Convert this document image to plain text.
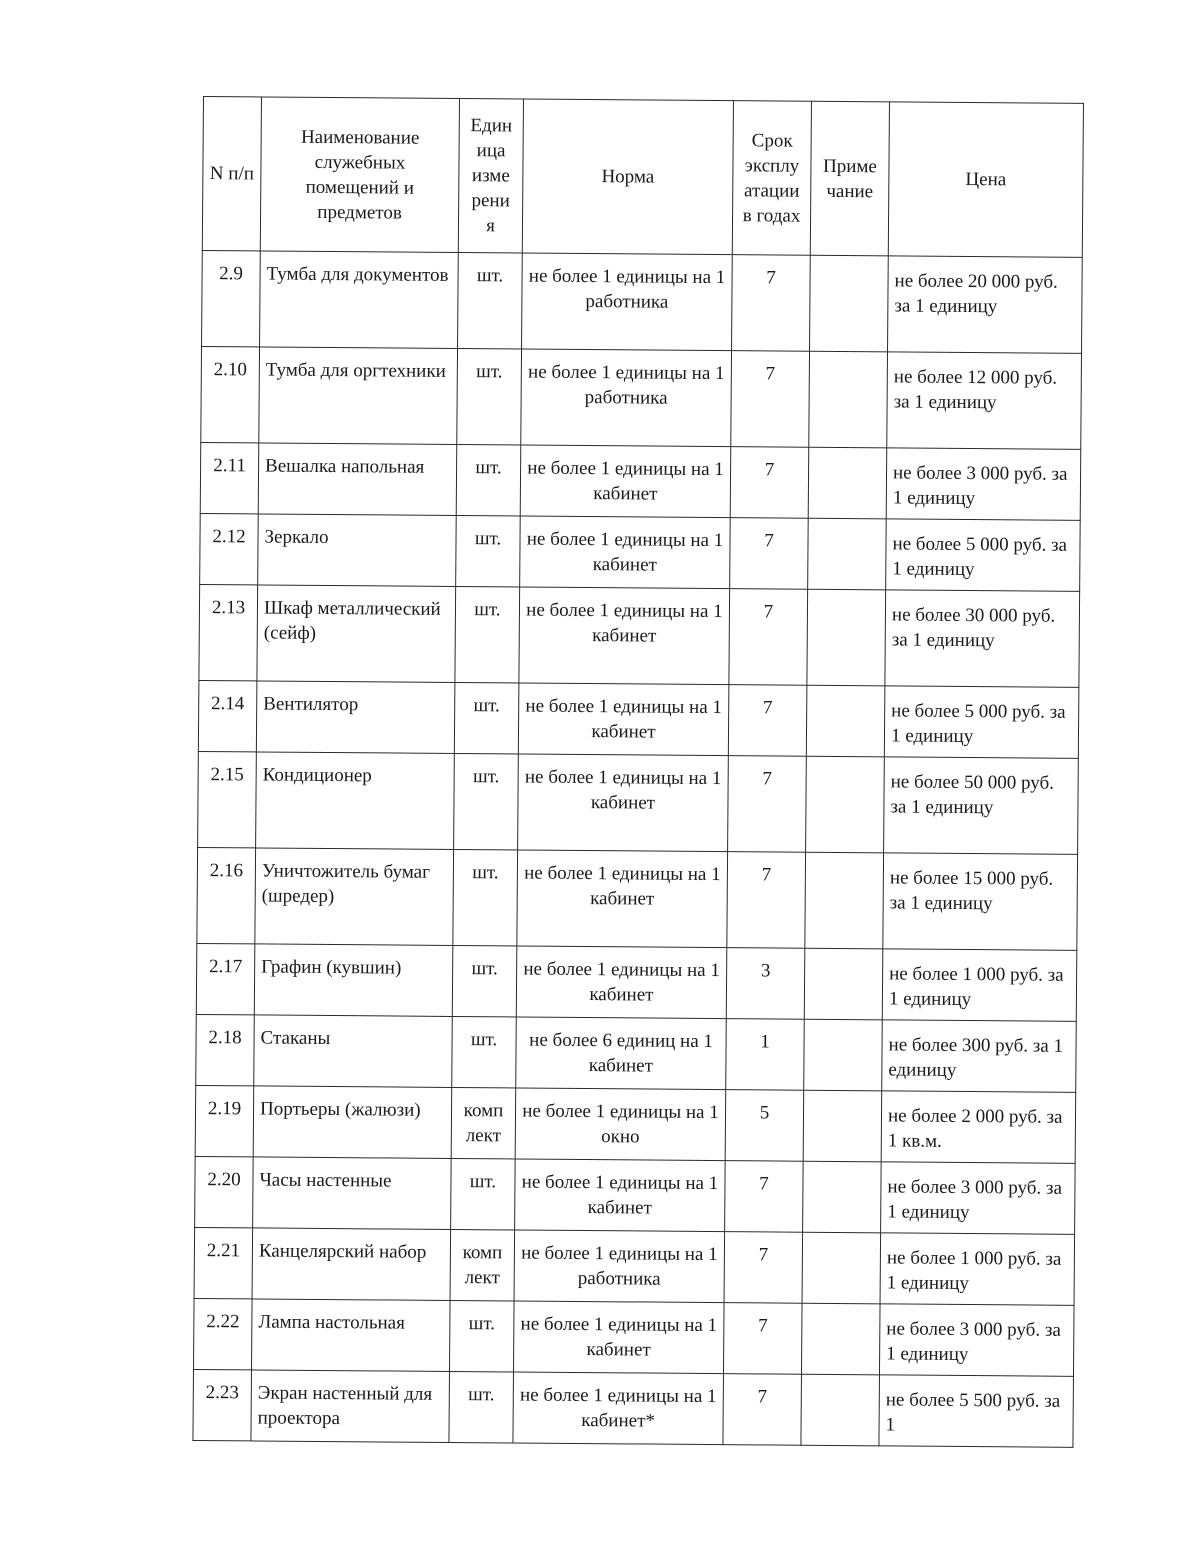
N п/п	Наименование служебных помещений и предметов	Един ица изме рени я	Норма	Срок эксплу атации в годах	Приме чание	Цена

2.9	Тумба для документов	шт.	не более 1 единицы на 1 работника	7		не более 20 000 руб. за 1 единицу

2.10	Тумба для оргтехники	шт.	не более 1 единицы на 1 работника	7		не более 12 000 руб. за 1 единицу

2.11	Вешалка напольная	шт.	не более 1 единицы на 1 кабинет	7		не более 3 000 руб. за 1 единицу

2.12	Зеркало	шт.	не более 1 единицы на 1 кабинет	7		не более 5 000 руб. за 1 единицу

2.13	Шкаф металлический (сейф)	шт.	не более 1 единицы на 1 кабинет	7		не более 30 000 руб. за 1 единицу

2.14	Вентилятор	шт.	не более 1 единицы на 1 кабинет	7		не более 5 000 руб. за 1 единицу

2.15	Кондиционер	шт.	не более 1 единицы на 1 кабинет	7		не более 50 000 руб. за 1 единицу

2.16	Уничтожитель бумаг (шредер)	шт.	не более 1 единицы на 1 кабинет	7		не более 15 000 руб. за 1 единицу

2.17	Графин (кувшин)	шт.	не более 1 единицы на 1 кабинет	3		не более 1 000 руб. за 1 единицу

2.18	Стаканы	шт.	не более 6 единиц на 1 кабинет	1		не более 300 руб. за 1 единицу

2.19	Портьеры (жалюзи)	комп лект	не более 1 единицы на 1 окно	5		не более 2 000 руб. за 1 кв.м.

2.20	Часы настенные	шт.	не более 1 единицы на 1 кабинет	7		не более 3 000 руб. за 1 единицу

2.21	Канцелярский набор	комп лект	не более 1 единицы на 1 работника	7		не более 1 000 руб. за 1 единицу

2.22	Лампа настольная	шт.	не более 1 единицы на 1 кабинет	7		не более 3 000 руб. за 1 единицу

2.23	Экран настенный для проектора	шт.	не более 1 единицы на 1 кабинет*	7		не более 5 500 руб. за 1
